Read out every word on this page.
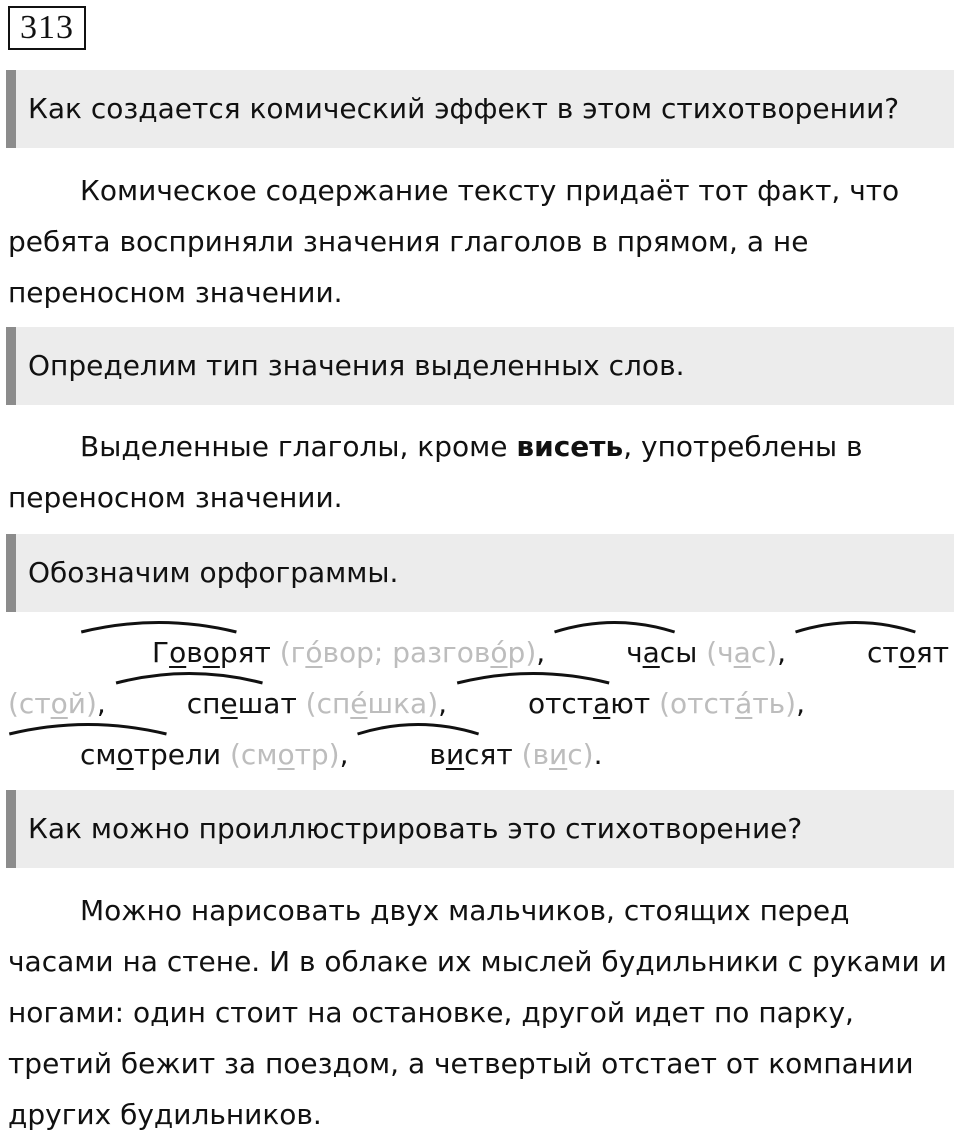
313
Как создается комический эффект в этом стихотворении?

Комическое содержание тексту придаёт тот факт, что ребята восприняли значения глаголов в прямом, а не переносном значении.

Определим тип значения выделенных слов.

Выделенные глаголы, кроме висеть, употреблены в переносном значении.

Обозначим орфограммы.

Говор
ят (го́вор; разгово́р),	час
ы (час),	сто
ят (стой),	спеш
ат (спе́шка),	отста
ют (отста́ть), смотр
ели (смотр),	вис
ят (вис).

Как можно проиллюстрировать это стихотворение?

Можно нарисовать двух мальчиков, стоящих перед часами на стене. И в облаке их мыслей будильники с руками и ногами: один стоит на остановке, другой идет по парку, третий бежит за поездом, а четвертый отстает от компании других будильников.
